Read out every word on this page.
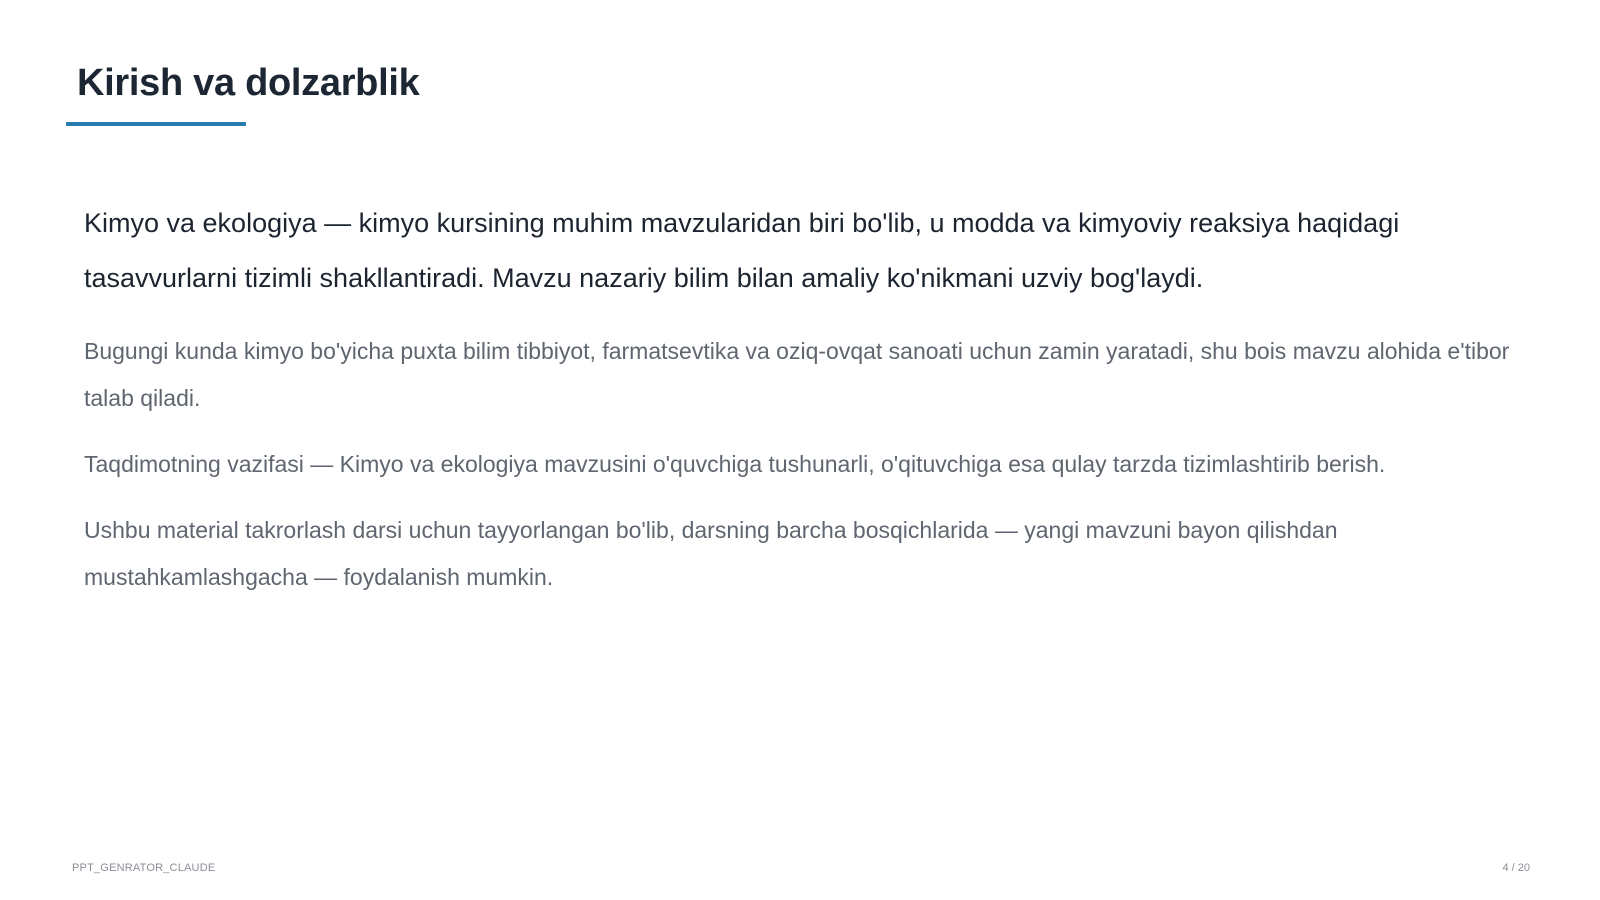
Kirish va dolzarblik

Kimyo va ekologiya — kimyo kursining muhim mavzularidan biri bo'lib, u modda va kimyoviy reaksiya haqidagi tasavvurlarni tizimli shakllantiradi. Mavzu nazariy bilim bilan amaliy ko'nikmani uzviy bog'laydi.

Bugungi kunda kimyo bo'yicha puxta bilim tibbiyot, farmatsevtika va oziq-ovqat sanoati uchun zamin yaratadi, shu bois mavzu alohida e'tibor talab qiladi.

Taqdimotning vazifasi — Kimyo va ekologiya mavzusini o'quvchiga tushunarli, o'qituvchiga esa qulay tarzda tizimlashtirib berish.

Ushbu material takrorlash darsi uchun tayyorlangan bo'lib, darsning barcha bosqichlarida — yangi mavzuni bayon qilishdan mustahkamlashgacha — foydalanish mumkin.

PPT_GENRATOR_CLAUDE	4 / 20
